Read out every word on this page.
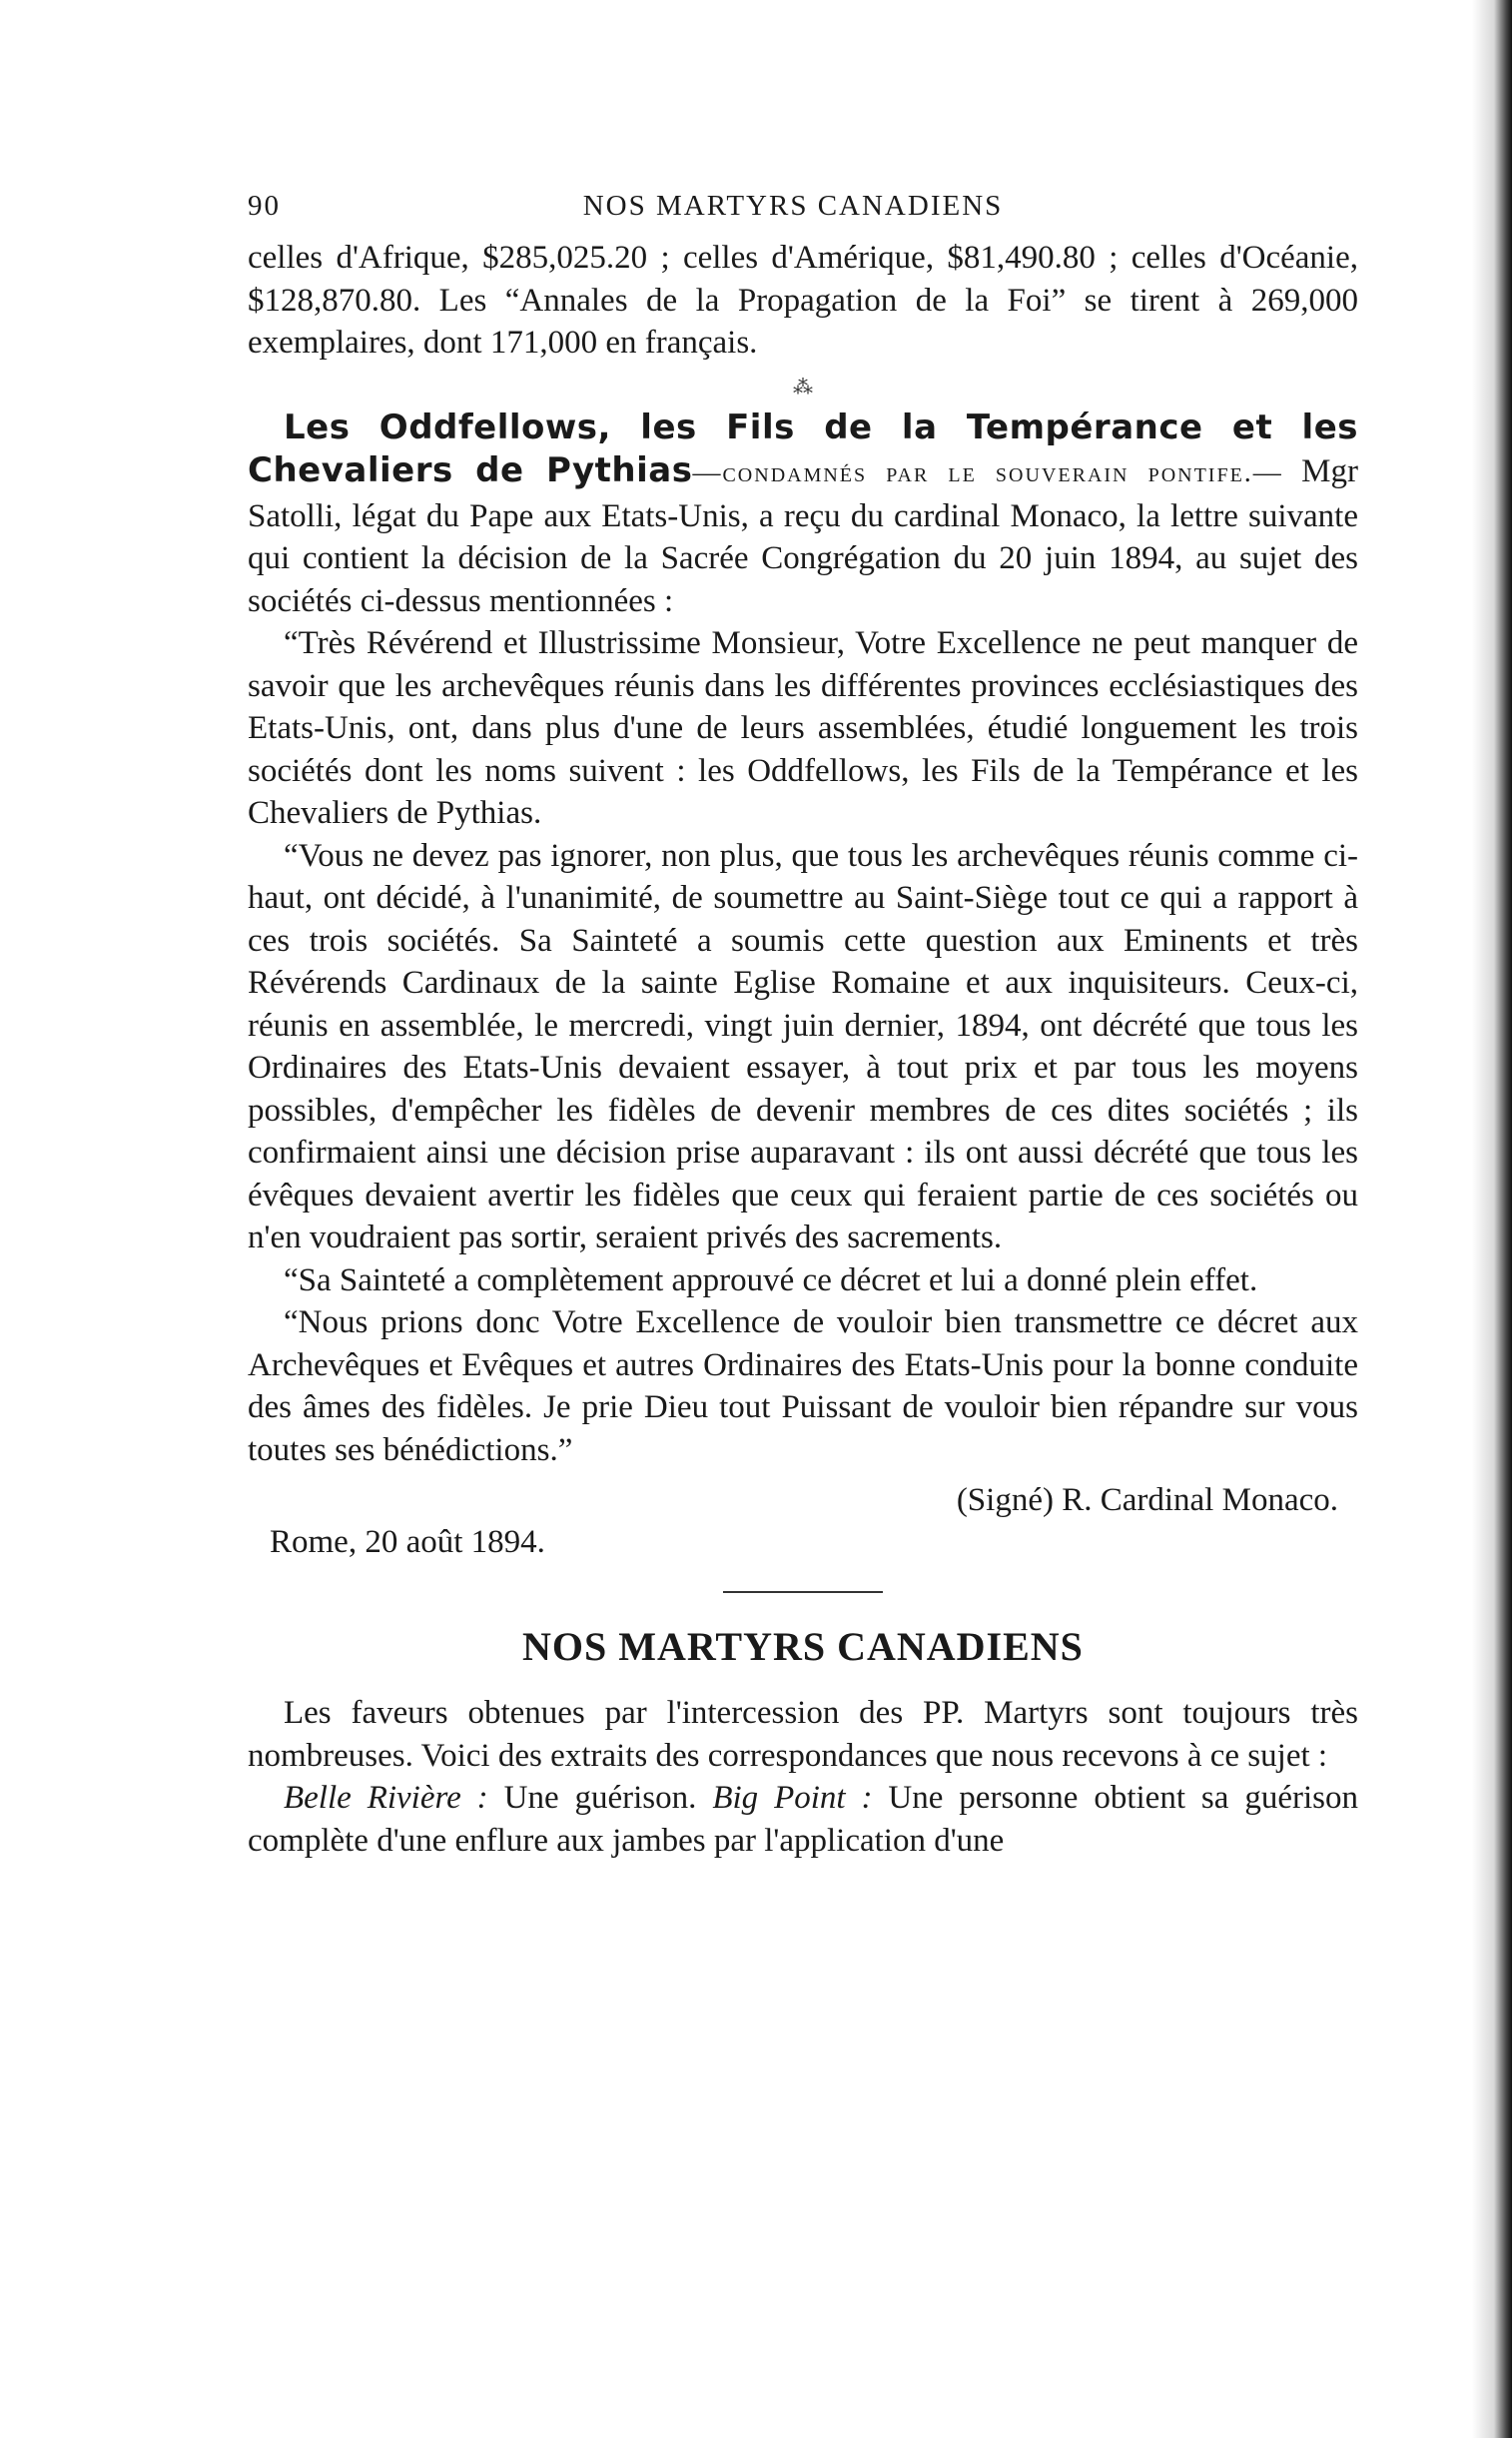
90	NOS MARTYRS CANADIENS

celles d'Afrique, $285,025.20 ; celles d'Amérique, $81,490.80 ; celles d'Océanie, $128,870.80. Les “Annales de la Propagation de la Foi” se tirent à 269,000 exemplaires, dont 171,000 en français.

⁂

Les Oddfellows, les Fils de la Tempérance et les Chevaliers de Pythias—condamnés par le souverain pontife.— Mgr Satolli, légat du Pape aux Etats-Unis, a reçu du cardinal Monaco, la lettre suivante qui contient la décision de la Sacrée Congrégation du 20 juin 1894, au sujet des sociétés ci-dessus mentionnées :

“Très Révérend et Illustrissime Monsieur, Votre Excellence ne peut manquer de savoir que les archevêques réunis dans les différentes provinces ecclésiastiques des Etats-Unis, ont, dans plus d'une de leurs assemblées, étudié longuement les trois sociétés dont les noms suivent : les Oddfellows, les Fils de la Tempérance et les Chevaliers de Pythias.

“Vous ne devez pas ignorer, non plus, que tous les archevêques réunis comme ci-haut, ont décidé, à l'unanimité, de soumettre au Saint-Siège tout ce qui a rapport à ces trois sociétés. Sa Sainteté a soumis cette question aux Eminents et très Révérends Cardinaux de la sainte Eglise Romaine et aux inquisiteurs. Ceux-ci, réunis en assemblée, le mercredi, vingt juin dernier, 1894, ont décrété que tous les Ordinaires des Etats-Unis devaient essayer, à tout prix et par tous les moyens possibles, d'empêcher les fidèles de devenir membres de ces dites sociétés ; ils confirmaient ainsi une décision prise auparavant : ils ont aussi décrété que tous les évêques devaient avertir les fidèles que ceux qui feraient partie de ces sociétés ou n'en voudraient pas sortir, seraient privés des sacrements.

“Sa Sainteté a complètement approuvé ce décret et lui a donné plein effet.

“Nous prions donc Votre Excellence de vouloir bien transmettre ce décret aux Archevêques et Evêques et autres Ordinaires des Etats-Unis pour la bonne conduite des âmes des fidèles. Je prie Dieu tout Puissant de vouloir bien répandre sur vous toutes ses bénédictions.”

(Signé) R. Cardinal Monaco.
Rome, 20 août 1894.
NOS MARTYRS CANADIENS

Les faveurs obtenues par l'intercession des PP. Martyrs sont toujours très nombreuses. Voici des extraits des correspondances que nous recevons à ce sujet :

Belle Rivière : Une guérison. Big Point : Une personne obtient sa guérison complète d'une enflure aux jambes par l'application d'une
